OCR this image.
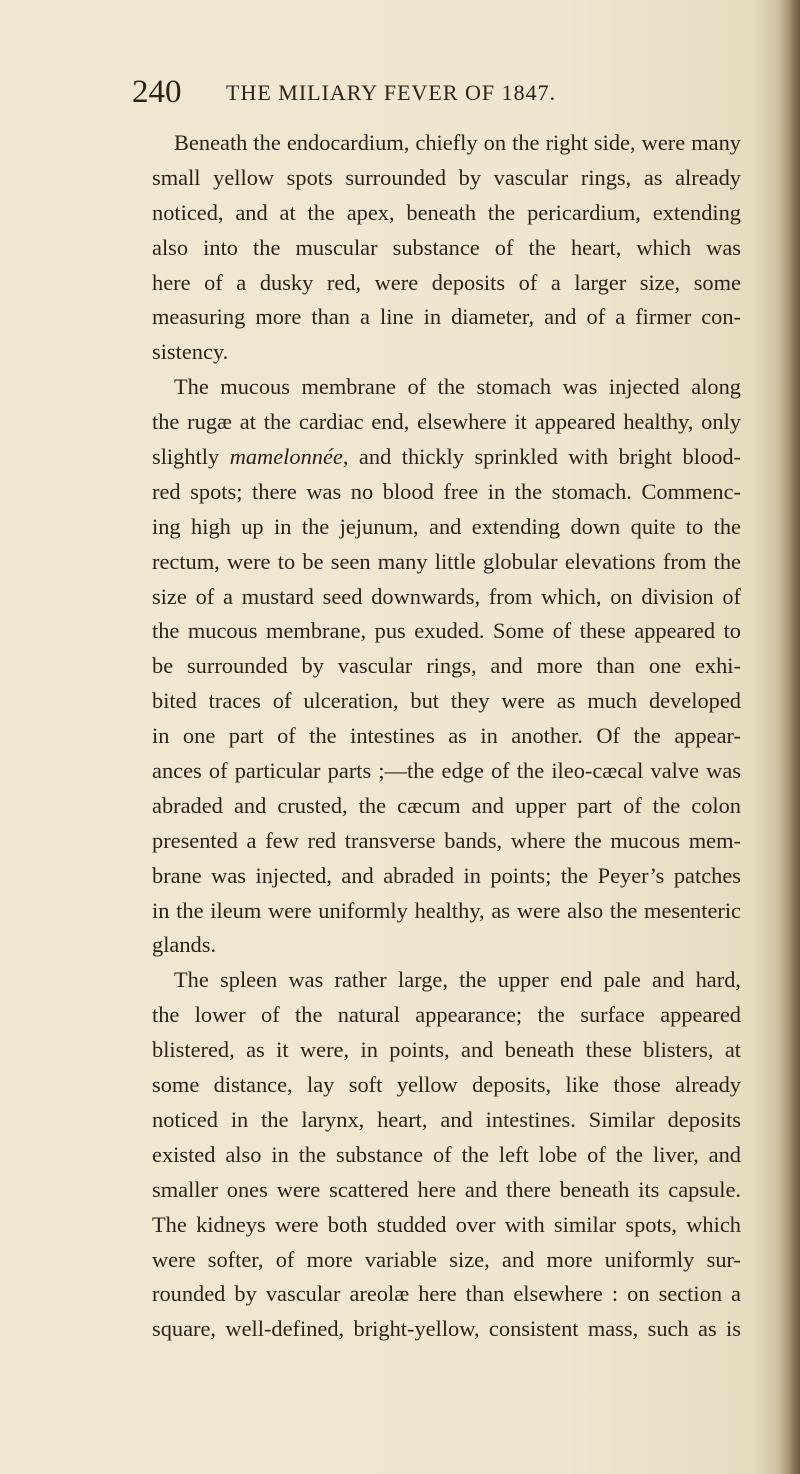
240 THE MILIARY FEVER OF 1847.
Beneath the endocardium, chiefly on the right side, were many
small yellow spots surrounded by vascular rings, as already
noticed, and at the apex, beneath the pericardium, extending
also into the muscular substance of the heart, which was
here of a dusky red, were deposits of a larger size, some
measuring more than a line in diameter, and of a firmer con-
sistency.
The mucous membrane of the stomach was injected along
the rugæ at the cardiac end, elsewhere it appeared healthy, only
slightly mamelonnée, and thickly sprinkled with bright blood-
red spots; there was no blood free in the stomach. Commenc-
ing high up in the jejunum, and extending down quite to the
rectum, were to be seen many little globular elevations from the
size of a mustard seed downwards, from which, on division of
the mucous membrane, pus exuded. Some of these appeared to
be surrounded by vascular rings, and more than one exhi-
bited traces of ulceration, but they were as much developed
in one part of the intestines as in another. Of the appear-
ances of particular parts ;—the edge of the ileo-cæcal valve was
abraded and crusted, the cæcum and upper part of the colon
presented a few red transverse bands, where the mucous mem-
brane was injected, and abraded in points; the Peyer’s patches
in the ileum were uniformly healthy, as were also the mesenteric
glands.
The spleen was rather large, the upper end pale and hard,
the lower of the natural appearance; the surface appeared
blistered, as it were, in points, and beneath these blisters, at
some distance, lay soft yellow deposits, like those already
noticed in the larynx, heart, and intestines. Similar deposits
existed also in the substance of the left lobe of the liver, and
smaller ones were scattered here and there beneath its capsule.
The kidneys were both studded over with similar spots, which
were softer, of more variable size, and more uniformly sur-
rounded by vascular areolæ here than elsewhere : on section a
square, well-defined, bright-yellow, consistent mass, such as is
